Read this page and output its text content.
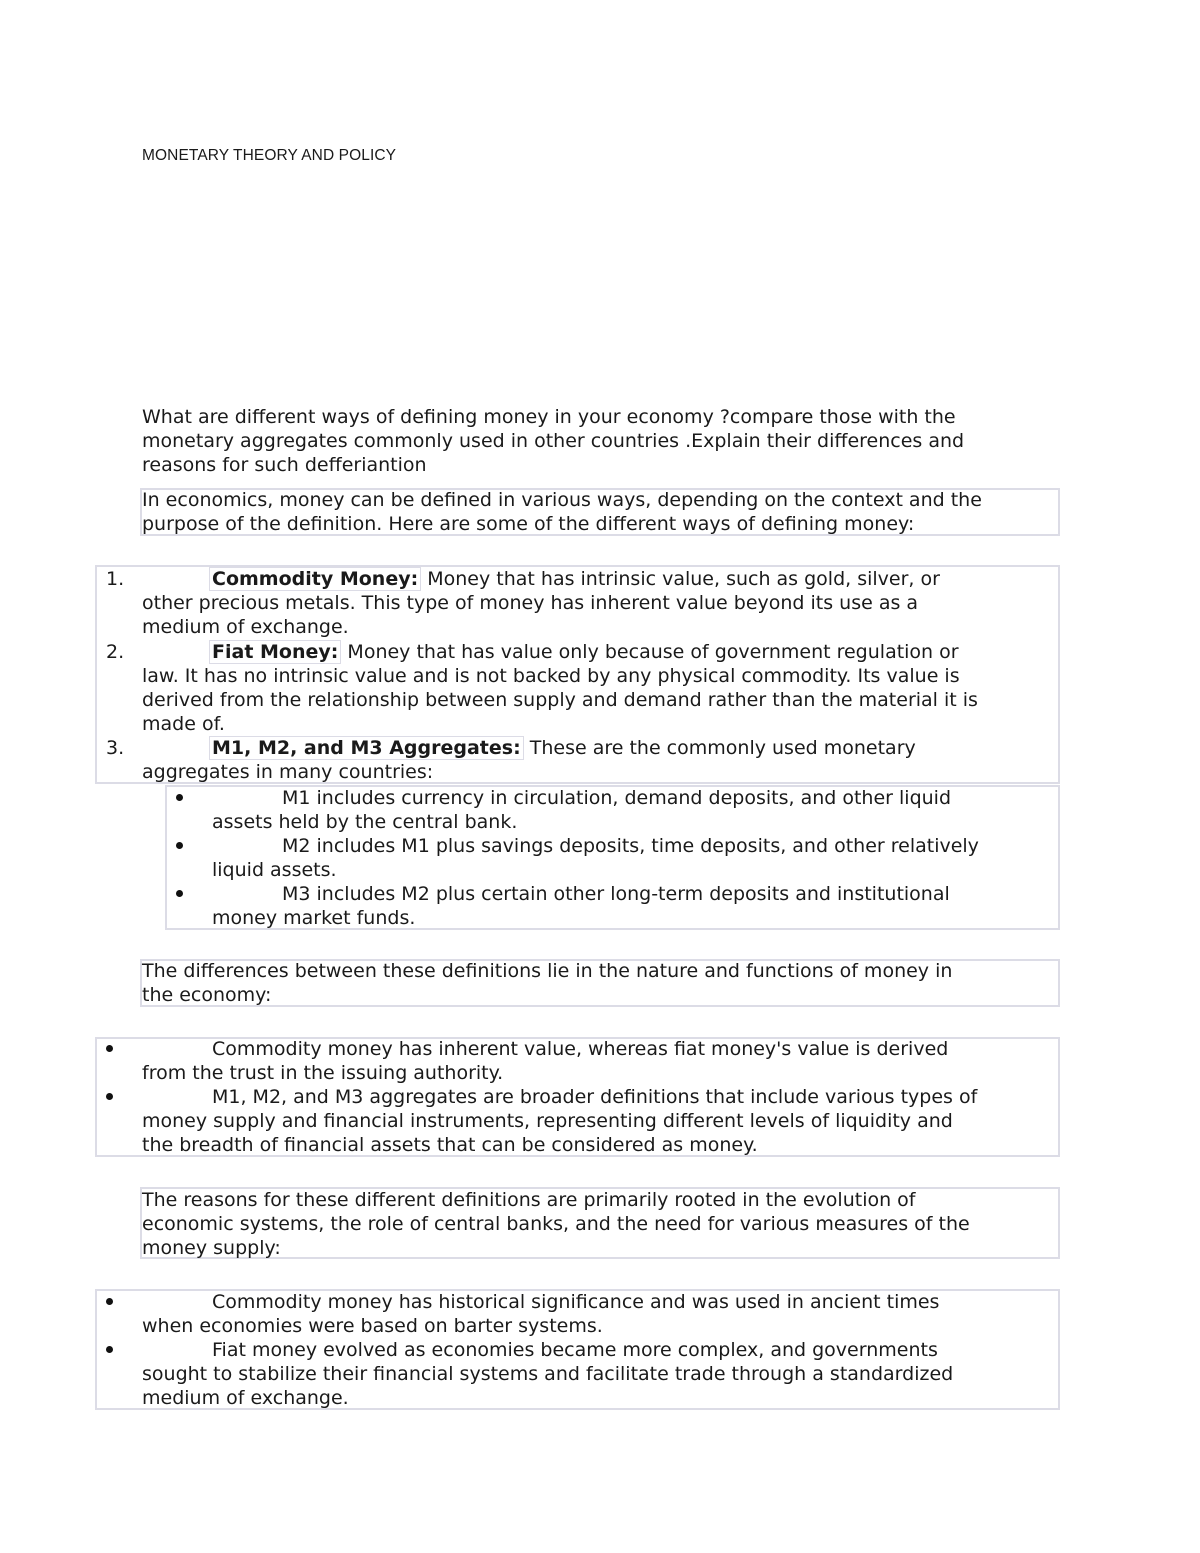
MONETARY THEORY AND POLICY
What are different ways of defining money in your economy ?compare those with the
monetary aggregates commonly used in other countries .Explain their differences and
reasons for such defferiantion
In economics, money can be defined in various ways, depending on the context and the
purpose of the definition. Here are some of the different ways of defining money:
1.	Commodity Money: Money that has intrinsic value, such as gold, silver, or
other precious metals. This type of money has inherent value beyond its use as a
medium of exchange.
2.	Fiat Money: Money that has value only because of government regulation or
law. It has no intrinsic value and is not backed by any physical commodity. Its value is
derived from the relationship between supply and demand rather than the material it is
made of.
3.	M1, M2, and M3 Aggregates: These are the commonly used monetary
aggregates in many countries:
M1 includes currency in circulation, demand deposits, and other liquid
assets held by the central bank.
M2 includes M1 plus savings deposits, time deposits, and other relatively
liquid assets.
M3 includes M2 plus certain other long-term deposits and institutional
money market funds.
The differences between these definitions lie in the nature and functions of money in
the economy:
Commodity money has inherent value, whereas fiat money's value is derived
from the trust in the issuing authority.
M1, M2, and M3 aggregates are broader definitions that include various types of
money supply and financial instruments, representing different levels of liquidity and
the breadth of financial assets that can be considered as money.
The reasons for these different definitions are primarily rooted in the evolution of
economic systems, the role of central banks, and the need for various measures of the
money supply:
Commodity money has historical significance and was used in ancient times
when economies were based on barter systems.
Fiat money evolved as economies became more complex, and governments
sought to stabilize their financial systems and facilitate trade through a standardized
medium of exchange.
